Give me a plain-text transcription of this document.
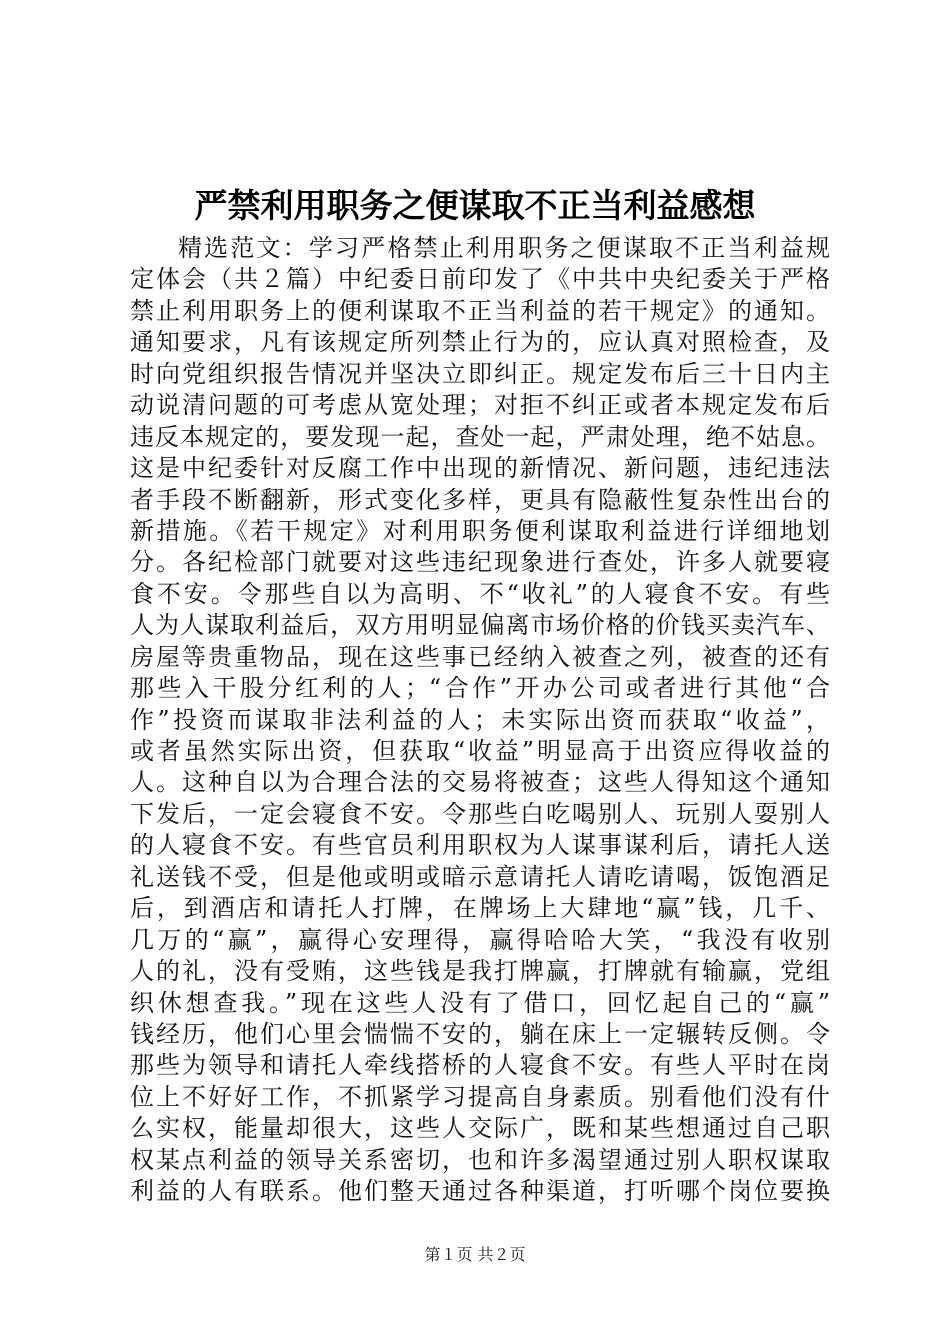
严禁利用职务之便谋取不正当利益感想
精选范文：学习严格禁止利用职务之便谋取不正当利益规
定体会（共２篇）中纪委日前印发了《中共中央纪委关于严格
禁止利用职务上的便利谋取不正当利益的若干规定》的通知。
通知要求，凡有该规定所列禁止行为的，应认真对照检查，及
时向党组织报告情况并坚决立即纠正。规定发布后三十日内主
动说清问题的可考虑从宽处理；对拒不纠正或者本规定发布后
违反本规定的，要发现一起，查处一起，严肃处理，绝不姑息。
这是中纪委针对反腐工作中出现的新情况、新问题，违纪违法
者手段不断翻新，形式变化多样，更具有隐蔽性复杂性出台的
新措施。《若干规定》对利用职务便利谋取利益进行详细地划
分。各纪检部门就要对这些违纪现象进行查处，许多人就要寝
食不安。令那些自以为高明、不“收礼”的人寝食不安。有些
人为人谋取利益后，双方用明显偏离市场价格的价钱买卖汽车、
房屋等贵重物品，现在这些事已经纳入被查之列，被查的还有
那些入干股分红利的人；“合作”开办公司或者进行其他“合
作”投资而谋取非法利益的人；未实际出资而获取“收益”，
或者虽然实际出资，但获取“收益”明显高于出资应得收益的
人。这种自以为合理合法的交易将被查；这些人得知这个通知
下发后，一定会寝食不安。令那些白吃喝别人、玩别人耍别人
的人寝食不安。有些官员利用职权为人谋事谋利后，请托人送
礼送钱不受，但是他或明或暗示意请托人请吃请喝，饭饱酒足
后，到酒店和请托人打牌，在牌场上大肆地“赢”钱，几千、
几万的“赢”，赢得心安理得，赢得哈哈大笑，“我没有收别
人的礼，没有受贿，这些钱是我打牌赢，打牌就有输赢，党组
织休想查我。”现在这些人没有了借口，回忆起自己的“赢”
钱经历，他们心里会惴惴不安的，躺在床上一定辗转反侧。令
那些为领导和请托人牵线搭桥的人寝食不安。有些人平时在岗
位上不好好工作，不抓紧学习提高自身素质。别看他们没有什
么实权，能量却很大，这些人交际广，既和某些想通过自己职
权某点利益的领导关系密切，也和许多渴望通过别人职权谋取
利益的人有联系。他们整天通过各种渠道，打听哪个岗位要换
第１页 共２页
